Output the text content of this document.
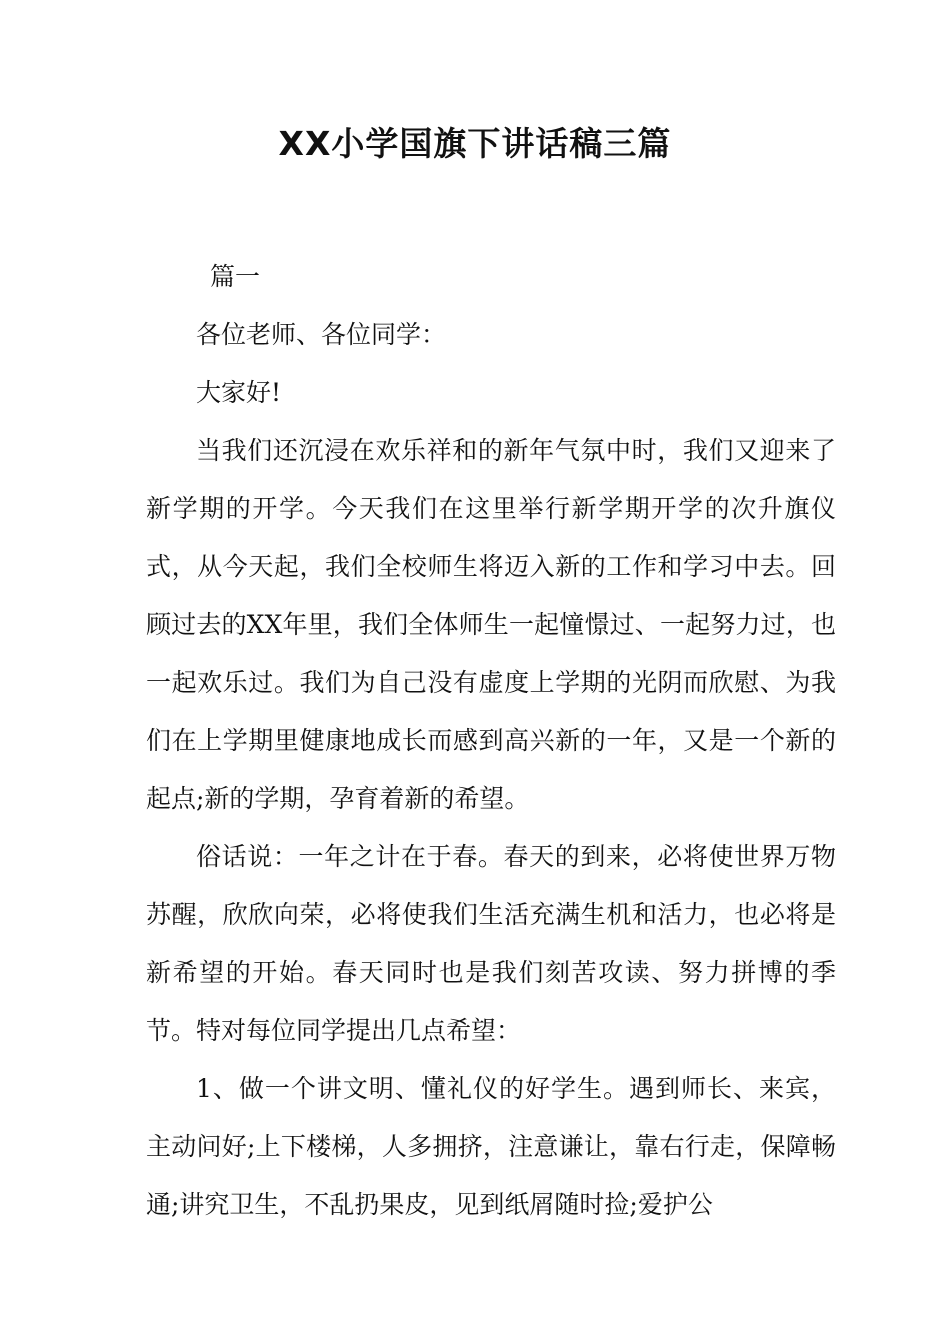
XX小学国旗下讲话稿三篇

篇一

各位老师、各位同学：

大家好!

当我们还沉浸在欢乐祥和的新年气氛中时，我们又迎来了新学期的开学。今天我们在这里举行新学期开学的次升旗仪式，从今天起，我们全校师生将迈入新的工作和学习中去。回顾过去的XX年里，我们全体师生一起憧憬过、一起努力过，也一起欢乐过。我们为自己没有虚度上学期的光阴而欣慰、为我们在上学期里健康地成长而感到高兴新的一年，又是一个新的起点;新的学期，孕育着新的希望。

俗话说：一年之计在于春。春天的到来，必将使世界万物苏醒，欣欣向荣，必将使我们生活充满生机和活力，也必将是新希望的开始。春天同时也是我们刻苦攻读、努力拼博的季节。特对每位同学提出几点希望：

1、做一个讲文明、懂礼仪的好学生。遇到师长、来宾，主动问好;上下楼梯，人多拥挤，注意谦让，靠右行走，保障畅通;讲究卫生，不乱扔果皮，见到纸屑随时捡;爱护公
